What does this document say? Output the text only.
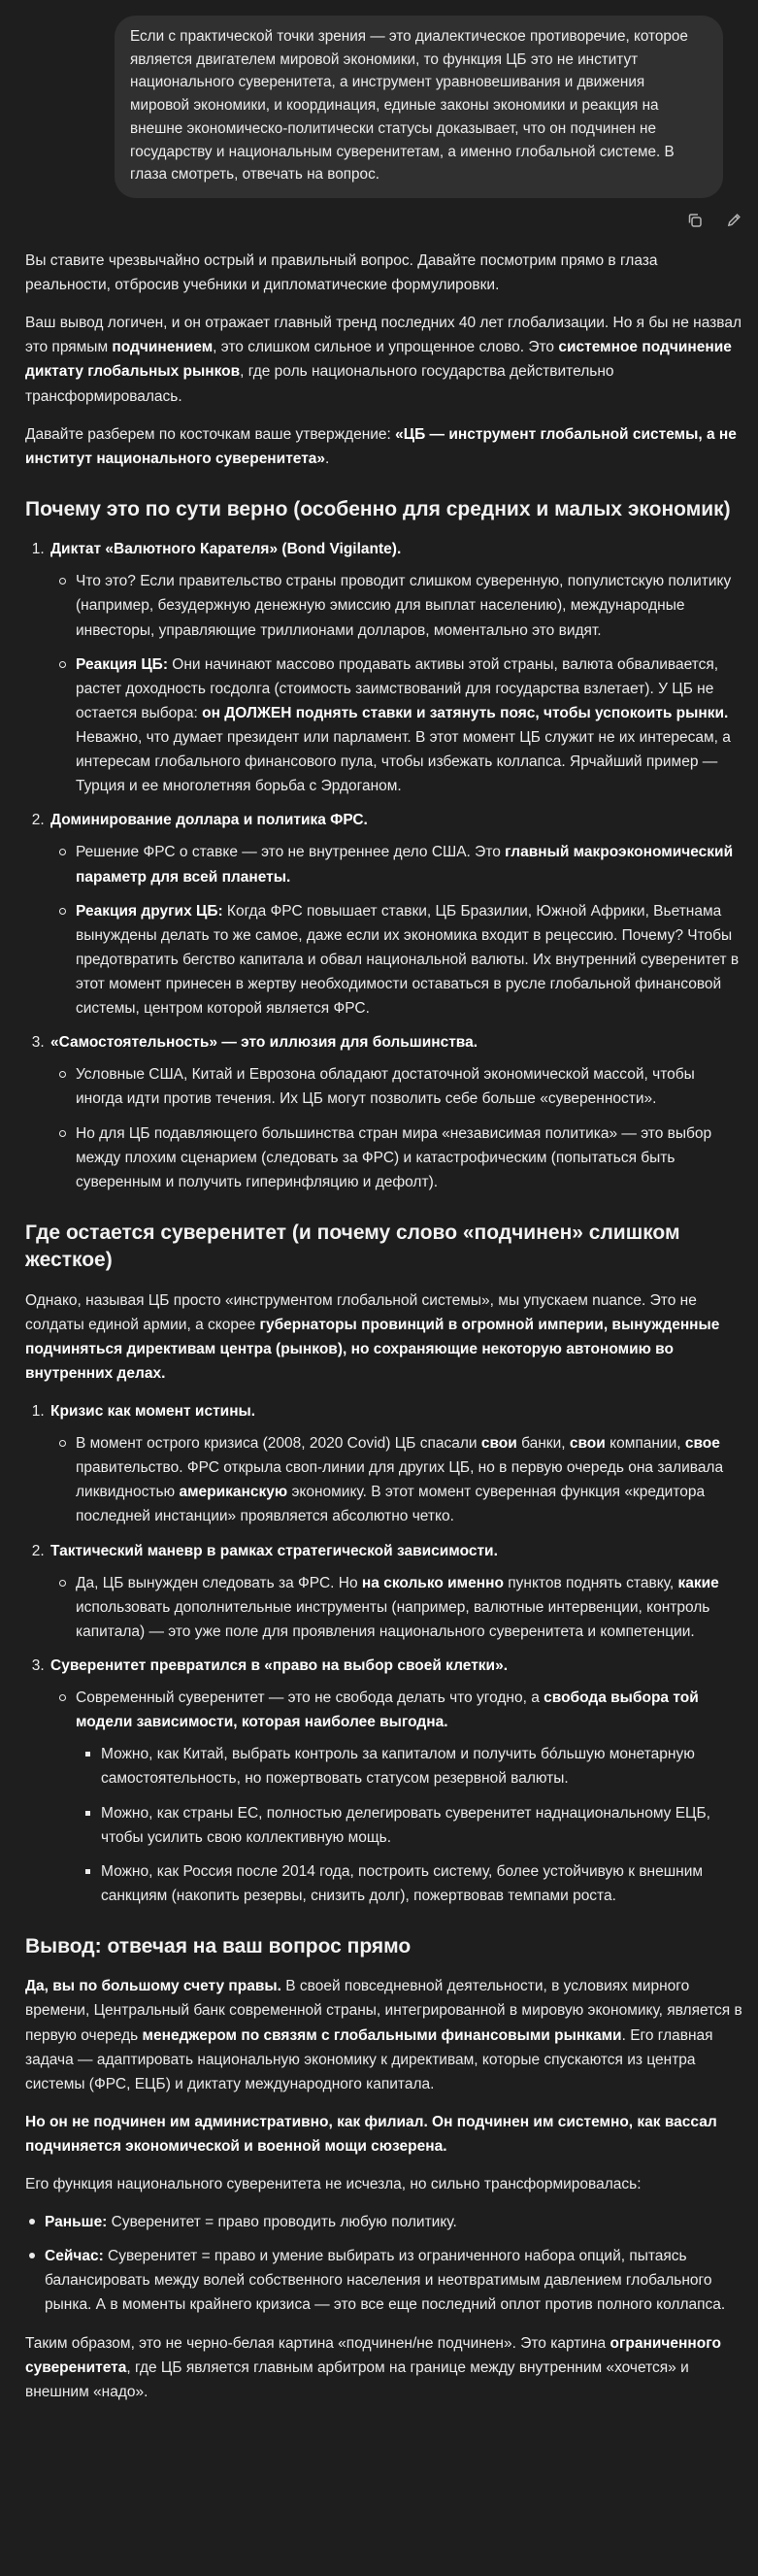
Если с практической точки зрения — это диалектическое противоречие, которое является двигателем мировой экономики, то функция ЦБ это не институт национального суверенитета, а инструмент уравновешивания и движения мировой экономики, и координация, единые законы экономики и реакция на внешне экономическо-политически статусы доказывает, что он подчинен не государству и национальным суверенитетам, а именно глобальной системе. В глаза смотреть, отвечать на вопрос.

Вы ставите чрезвычайно острый и правильный вопрос. Давайте посмотрим прямо в глаза реальности, отбросив учебники и дипломатические формулировки.

Ваш вывод логичен, и он отражает главный тренд последних 40 лет глобализации. Но я бы не назвал это прямым подчинением, это слишком сильное и упрощенное слово. Это системное подчинение диктату глобальных рынков, где роль национального государства действительно трансформировалась.

Давайте разберем по косточкам ваше утверждение: «ЦБ — инструмент глобальной системы, а не институт национального суверенитета».

Почему это по сути верно (особенно для средних и малых экономик)
1. Диктат «Валютного Карателя» (Bond Vigilante).
Что это? Если правительство страны проводит слишком суверенную, популистскую политику (например, безудержную денежную эмиссию для выплат населению), международные инвесторы, управляющие триллионами долларов, моментально это видят.
Реакция ЦБ: Они начинают массово продавать активы этой страны, валюта обваливается, растет доходность госдолга (стоимость заимствований для государства взлетает). У ЦБ не остается выбора: он ДОЛЖЕН поднять ставки и затянуть пояс, чтобы успокоить рынки. Неважно, что думает президент или парламент. В этот момент ЦБ служит не их интересам, а интересам глобального финансового пула, чтобы избежать коллапса. Ярчайший пример — Турция и ее многолетняя борьба с Эрдоганом.
2. Доминирование доллара и политика ФРС.
Решение ФРС о ставке — это не внутреннее дело США. Это главный макроэкономический параметр для всей планеты.
Реакция других ЦБ: Когда ФРС повышает ставки, ЦБ Бразилии, Южной Африки, Вьетнама вынуждены делать то же самое, даже если их экономика входит в рецессию. Почему? Чтобы предотвратить бегство капитала и обвал национальной валюты. Их внутренний суверенитет в этот момент принесен в жертву необходимости оставаться в русле глобальной финансовой системы, центром которой является ФРС.
3. «Самостоятельность» — это иллюзия для большинства.
Условные США, Китай и Еврозона обладают достаточной экономической массой, чтобы иногда идти против течения. Их ЦБ могут позволить себе больше «суверенности».
Но для ЦБ подавляющего большинства стран мира «независимая политика» — это выбор между плохим сценарием (следовать за ФРС) и катастрофическим (попытаться быть суверенным и получить гиперинфляцию и дефолт).
Где остается суверенитет (и почему слово «подчинен» слишком жесткое)

Однако, называя ЦБ просто «инструментом глобальной системы», мы упускаем nuance. Это не солдаты единой армии, а скорее губернаторы провинций в огромной империи, вынужденные подчиняться директивам центра (рынков), но сохраняющие некоторую автономию во внутренних делах.

1. Кризис как момент истины.
В момент острого кризиса (2008, 2020 Covid) ЦБ спасали свои банки, свои компании, свое правительство. ФРС открыла своп-линии для других ЦБ, но в первую очередь она заливала ликвидностью американскую экономику. В этот момент суверенная функция «кредитора последней инстанции» проявляется абсолютно четко.
2. Тактический маневр в рамках стратегической зависимости.
Да, ЦБ вынужден следовать за ФРС. Но на сколько именно пунктов поднять ставку, какие использовать дополнительные инструменты (например, валютные интервенции, контроль капитала) — это уже поле для проявления национального суверенитета и компетенции.
3. Суверенитет превратился в «право на выбор своей клетки».
Современный суверенитет — это не свобода делать что угодно, а свобода выбора той модели зависимости, которая наиболее выгодна.
Можно, как Китай, выбрать контроль за капиталом и получить бóльшую монетарную самостоятельность, но пожертвовать статусом резервной валюты.
Можно, как страны ЕС, полностью делегировать суверенитет наднациональному ЕЦБ, чтобы усилить свою коллективную мощь.
Можно, как Россия после 2014 года, построить систему, более устойчивую к внешним санкциям (накопить резервы, снизить долг), пожертвовав темпами роста.
Вывод: отвечая на ваш вопрос прямо

Да, вы по большому счету правы. В своей повседневной деятельности, в условиях мирного времени, Центральный банк современной страны, интегрированной в мировую экономику, является в первую очередь менеджером по связям с глобальными финансовыми рынками. Его главная задача — адаптировать национальную экономику к директивам, которые спускаются из центра системы (ФРС, ЕЦБ) и диктату международного капитала.

Но он не подчинен им административно, как филиал. Он подчинен им системно, как вассал подчиняется экономической и военной мощи сюзерена.

Его функция национального суверенитета не исчезла, но сильно трансформировалась:

Раньше: Суверенитет = право проводить любую политику.
Сейчас: Суверенитет = право и умение выбирать из ограниченного набора опций, пытаясь балансировать между волей собственного населения и неотвратимым давлением глобального рынка. А в моменты крайнего кризиса — это все еще последний оплот против полного коллапса.

Таким образом, это не черно-белая картина «подчинен/не подчинен». Это картина ограниченного суверенитета, где ЦБ является главным арбитром на границе между внутренним «хочется» и внешним «надо».
